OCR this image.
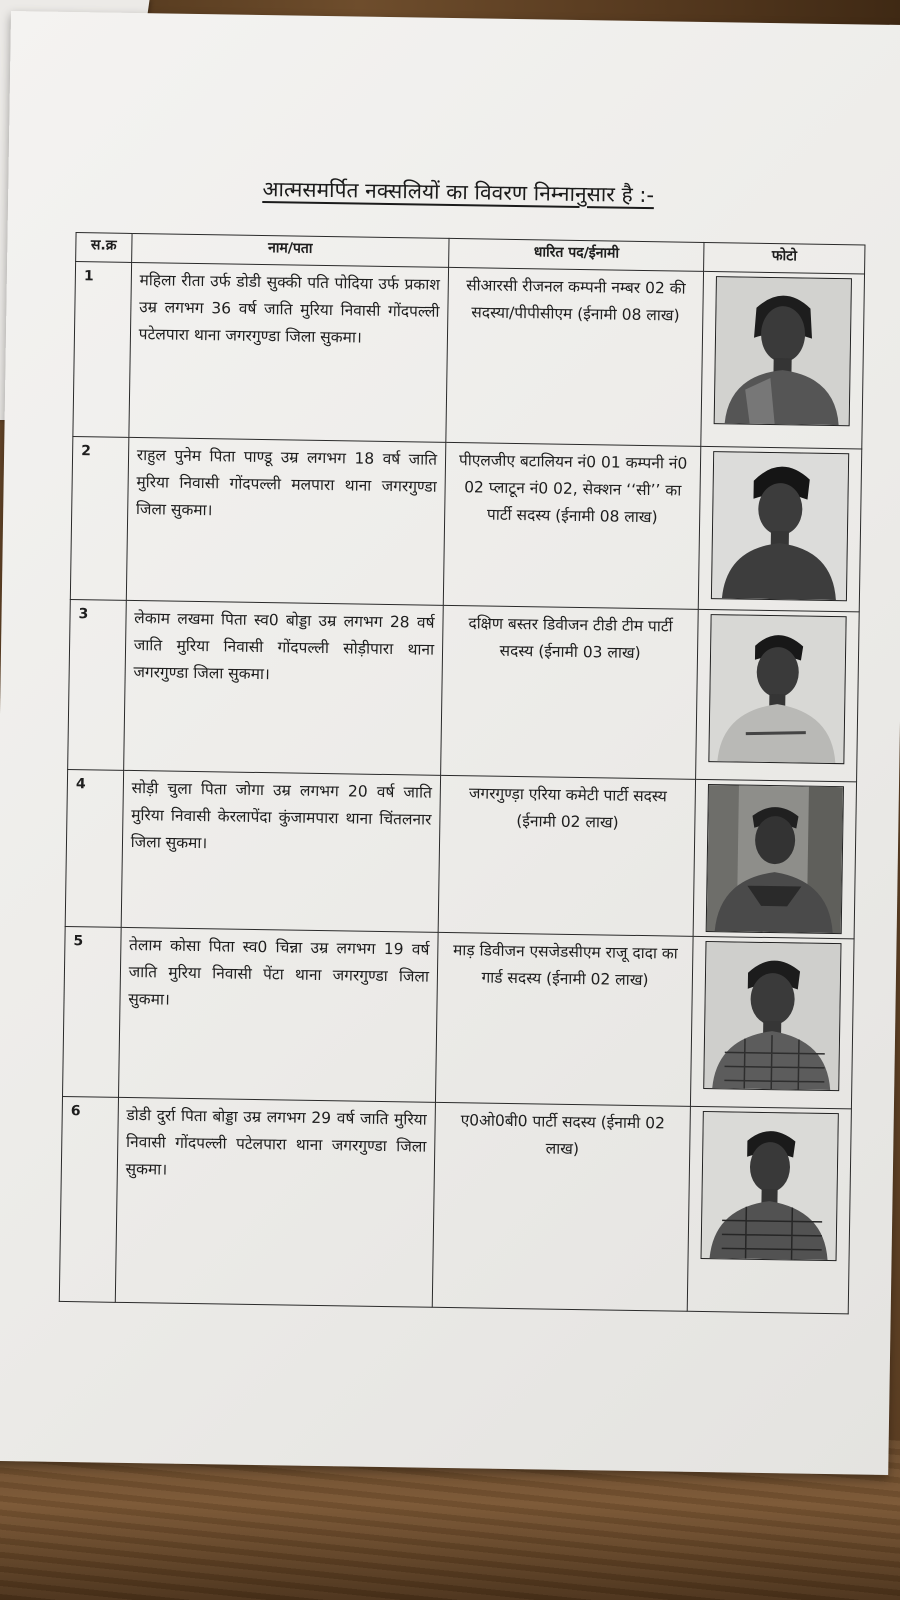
आत्मसमर्पित नक्सलियों का विवरण निम्नानुसार है :-
स.क्र	नाम/पता	धारित पद/ईनामी	फोटो
1	महिला रीता उर्फ डोडी सुक्की पति पोदिया उर्फ प्रकाश उम्र लगभग 36 वर्ष जाति मुरिया निवासी गोंदपल्ली पटेलपारा थाना जगरगुण्डा जिला सुकमा।	सीआरसी रीजनल कम्पनी नम्बर 02 की सदस्या/पीपीसीएम (ईनामी 08 लाख)	

2	राहुल पुनेम पिता पाण्डू उम्र लगभग 18 वर्ष जाति मुरिया निवासी गोंदपल्ली मलपारा थाना जगरगुण्डा जिला सुकमा।	पीएलजीए बटालियन नं0 01 कम्पनी नं0 02 प्लाटून नं0 02, सेक्शन ‘‘सी’’ का पार्टी सदस्य (ईनामी 08 लाख)	

3	लेकाम लखमा पिता स्व0 बोड्डा उम्र लगभग 28 वर्ष जाति मुरिया निवासी गोंदपल्ली सोड़ीपारा थाना जगरगुण्डा जिला सुकमा।	दक्षिण बस्तर डिवीजन टीडी टीम पार्टी सदस्य (ईनामी 03 लाख)	

4	सोड़ी चुला पिता जोगा उम्र लगभग 20 वर्ष जाति मुरिया निवासी केरलापेंदा कुंजामपारा थाना चिंतलनार जिला सुकमा।	जगरगुण्ड़ा एरिया कमेटी पार्टी सदस्य (ईनामी 02 लाख)	

5	तेलाम कोसा पिता स्व0 चिन्ना उम्र लगभग 19 वर्ष जाति मुरिया निवासी पेंटा थाना जगरगुण्डा जिला सुकमा।	माड़ डिवीजन एसजेडसीएम राजू दादा का गार्ड सदस्य (ईनामी 02 लाख)	

6	डोडी दुर्रा पिता बोड्डा उम्र लगभग 29 वर्ष जाति मुरिया निवासी गोंदपल्ली पटेलपारा थाना जगरगुण्डा जिला सुकमा।	ए0ओ0बी0 पार्टी सदस्य (ईनामी 02 लाख)	
